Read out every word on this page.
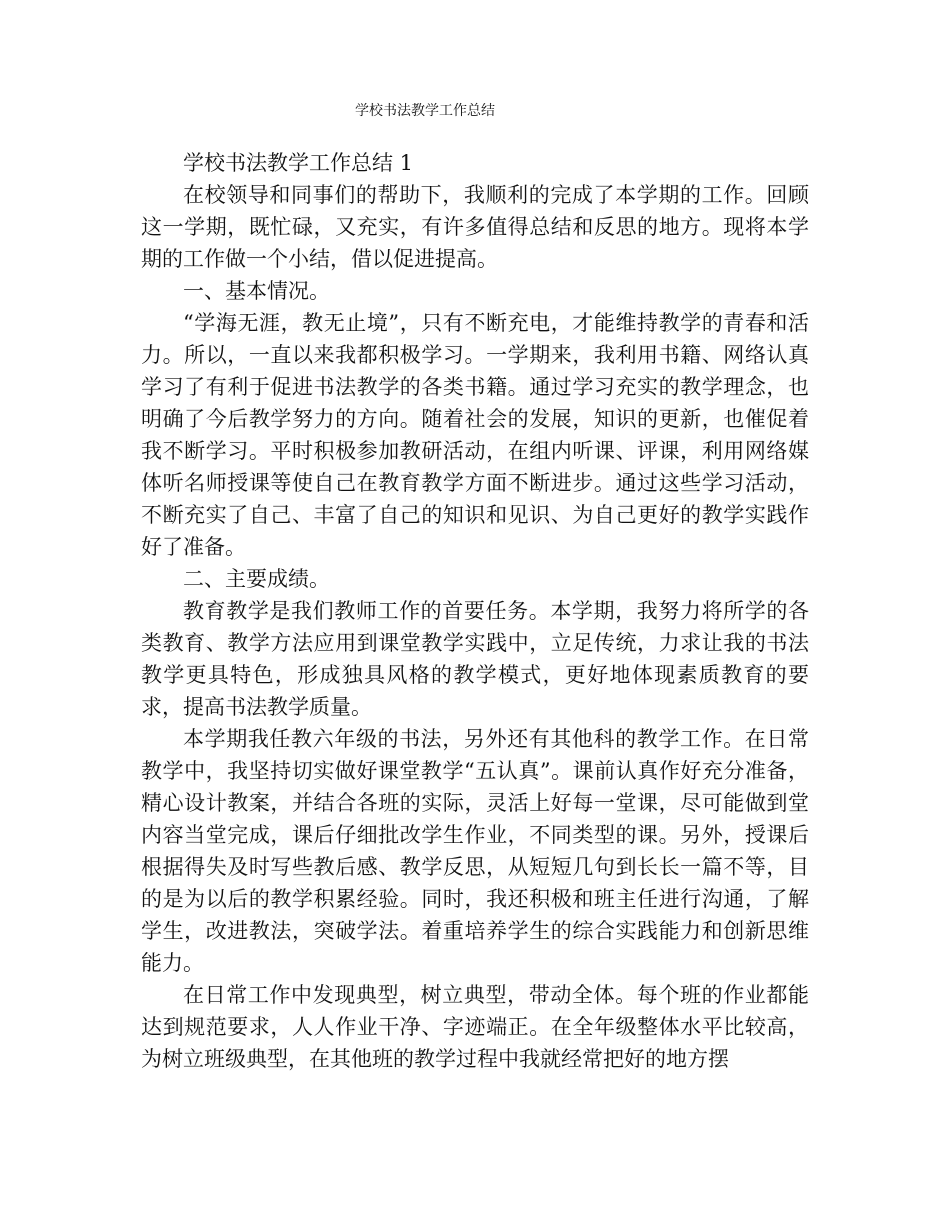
学校书法教学工作总结

学校书法教学工作总结 1

在校领导和同事们的帮助下，我顺利的完成了本学期的工作。回顾这一学期，既忙碌，又充实，有许多值得总结和反思的地方。现将本学期的工作做一个小结，借以促进提高。

一、基本情况。

“学海无涯，教无止境”，只有不断充电，才能维持教学的青春和活力。所以，一直以来我都积极学习。一学期来，我利用书籍、网络认真学习了有利于促进书法教学的各类书籍。通过学习充实的教学理念，也明确了今后教学努力的方向。随着社会的发展，知识的更新，也催促着我不断学习。平时积极参加教研活动，在组内听课、评课，利用网络媒体听名师授课等使自己在教育教学方面不断进步。通过这些学习活动，不断充实了自己、丰富了自己的知识和见识、为自己更好的教学实践作好了准备。

二、主要成绩。

教育教学是我们教师工作的首要任务。本学期，我努力将所学的各类教育、教学方法应用到课堂教学实践中，立足传统，力求让我的书法教学更具特色，形成独具风格的教学模式，更好地体现素质教育的要求，提高书法教学质量。

本学期我任教六年级的书法，另外还有其他科的教学工作。在日常教学中，我坚持切实做好课堂教学“五认真”。课前认真作好充分准备，精心设计教案，并结合各班的实际，灵活上好每一堂课，尽可能做到堂内容当堂完成，课后仔细批改学生作业，不同类型的课。另外，授课后根据得失及时写些教后感、教学反思，从短短几句到长长一篇不等，目的是为以后的教学积累经验。同时，我还积极和班主任进行沟通，了解学生，改进教法，突破学法。着重培养学生的综合实践能力和创新思维能力。

在日常工作中发现典型，树立典型，带动全体。每个班的作业都能达到规范要求，人人作业干净、字迹端正。在全年级整体水平比较高，为树立班级典型，在其他班的教学过程中我就经常把好的地方摆
